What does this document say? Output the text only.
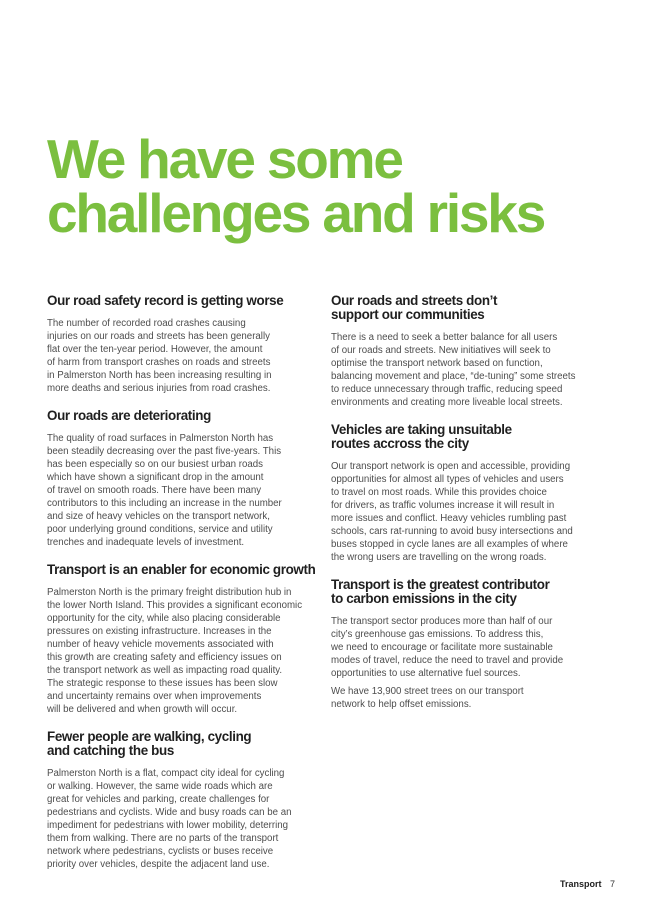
We have some
challenges and risks
Our road safety record is getting worse

The number of recorded road crashes causing
injuries on our roads and streets has been generally
flat over the ten-year period. However, the amount
of harm from transport crashes on roads and streets
in Palmerston North has been increasing resulting in
more deaths and serious injuries from road crashes.

Our roads are deteriorating

The quality of road surfaces in Palmerston North has
been steadily decreasing over the past five-years. This
has been especially so on our busiest urban roads
which have shown a significant drop in the amount
of travel on smooth roads. There have been many
contributors to this including an increase in the number
and size of heavy vehicles on the transport network,
poor underlying ground conditions, service and utility
trenches and inadequate levels of investment.

Transport is an enabler for economic growth

Palmerston North is the primary freight distribution hub in
the lower North Island. This provides a significant economic
opportunity for the city, while also placing considerable
pressures on existing infrastructure. Increases in the
number of heavy vehicle movements associated with
this growth are creating safety and efficiency issues on
the transport network as well as impacting road quality.
The strategic response to these issues has been slow
and uncertainty remains over when improvements
will be delivered and when growth will occur.

Fewer people are walking, cycling
and catching the bus

Palmerston North is a flat, compact city ideal for cycling
or walking. However, the same wide roads which are
great for vehicles and parking, create challenges for
pedestrians and cyclists. Wide and busy roads can be an
impediment for pedestrians with lower mobility, deterring
them from walking. There are no parts of the transport
network where pedestrians, cyclists or buses receive
priority over vehicles, despite the adjacent land use.

Our roads and streets don’t
support our communities

There is a need to seek a better balance for all users
of our roads and streets. New initiatives will seek to
optimise the transport network based on function,
balancing movement and place, “de-tuning” some streets
to reduce unnecessary through traffic, reducing speed
environments and creating more liveable local streets.

Vehicles are taking unsuitable
routes accross the city

Our transport network is open and accessible, providing
opportunities for almost all types of vehicles and users
to travel on most roads. While this provides choice
for drivers, as traffic volumes increase it will result in
more issues and conflict. Heavy vehicles rumbling past
schools, cars rat-running to avoid busy intersections and
buses stopped in cycle lanes are all examples of where
the wrong users are travelling on the wrong roads.

Transport is the greatest contributor
to carbon emissions in the city

The transport sector produces more than half of our
city’s greenhouse gas emissions. To address this,
we need to encourage or facilitate more sustainable
modes of travel, reduce the need to travel and provide
opportunities to use alternative fuel sources.

We have 13,900 street trees on our transport
network to help offset emissions.

Transport 7
